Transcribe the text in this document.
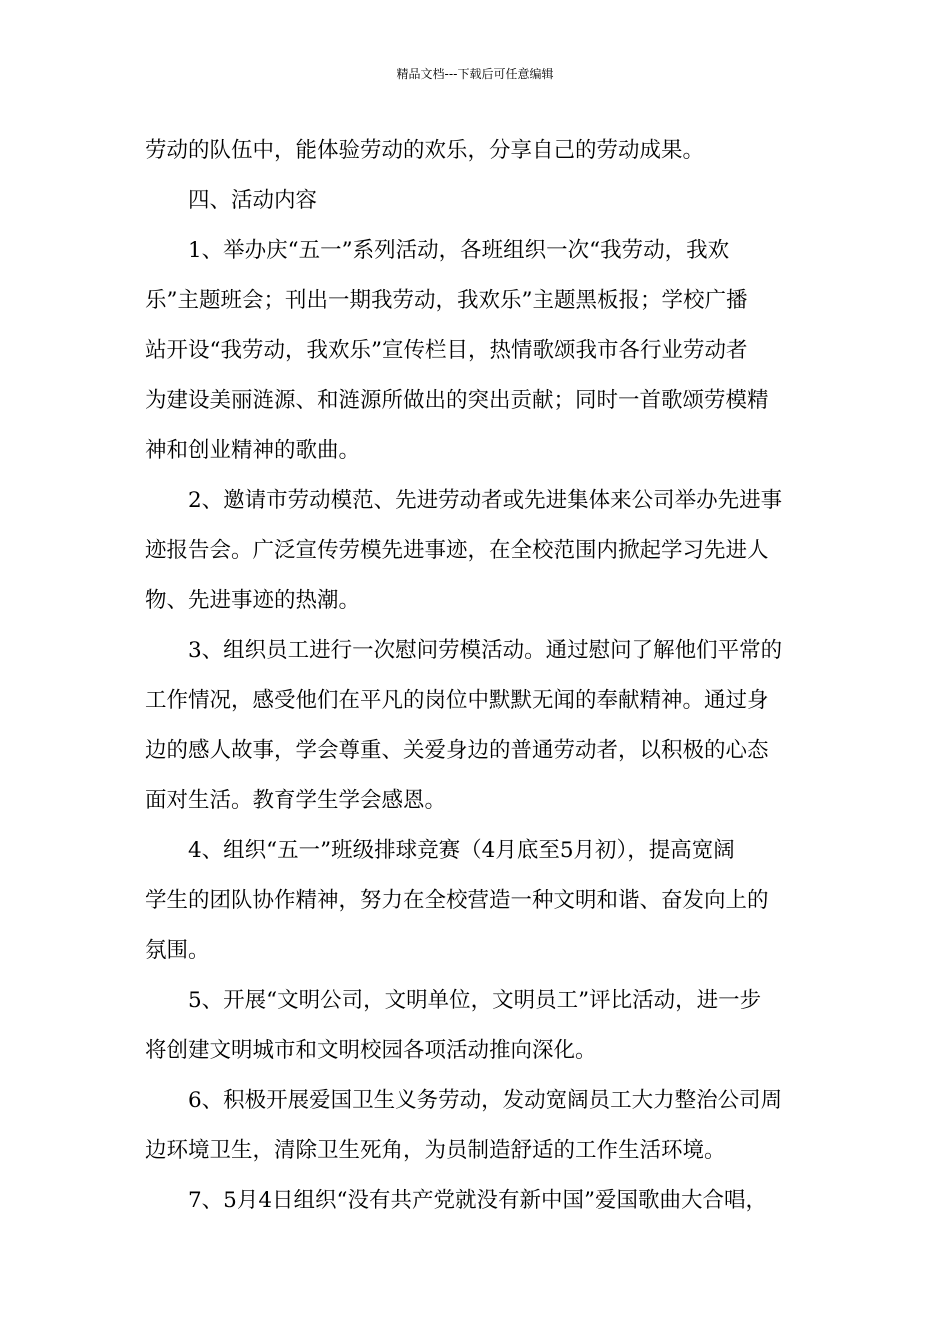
精品文档---下载后可任意编辑
劳动的队伍中，能体验劳动的欢乐，分享自己的劳动成果。
四、活动内容
1、举办庆“五一”系列活动，各班组织一次“我劳动，我欢
乐”主题班会；刊出一期我劳动，我欢乐”主题黑板报；学校广播
站开设“我劳动，我欢乐”宣传栏目，热情歌颂我市各行业劳动者
为建设美丽涟源、和涟源所做出的突出贡献；同时一首歌颂劳模精
神和创业精神的歌曲。
2、邀请市劳动模范、先进劳动者或先进集体来公司举办先进事
迹报告会。广泛宣传劳模先进事迹，在全校范围内掀起学习先进人
物、先进事迹的热潮。
3、组织员工进行一次慰问劳模活动。通过慰问了解他们平常的
工作情况，感受他们在平凡的岗位中默默无闻的奉献精神。通过身
边的感人故事，学会尊重、关爱身边的普通劳动者，以积极的心态
面对生活。教育学生学会感恩。
4、组织“五一”班级排球竞赛（4月底至5月初），提高宽阔
学生的团队协作精神，努力在全校营造一种文明和谐、奋发向上的
氛围。
5、开展“文明公司，文明单位，文明员工”评比活动，进一步
将创建文明城市和文明校园各项活动推向深化。
6、积极开展爱国卫生义务劳动，发动宽阔员工大力整治公司周
边环境卫生，清除卫生死角，为员制造舒适的工作生活环境。
7、5月4日组织“没有共产党就没有新中国”爱国歌曲大合唱，
